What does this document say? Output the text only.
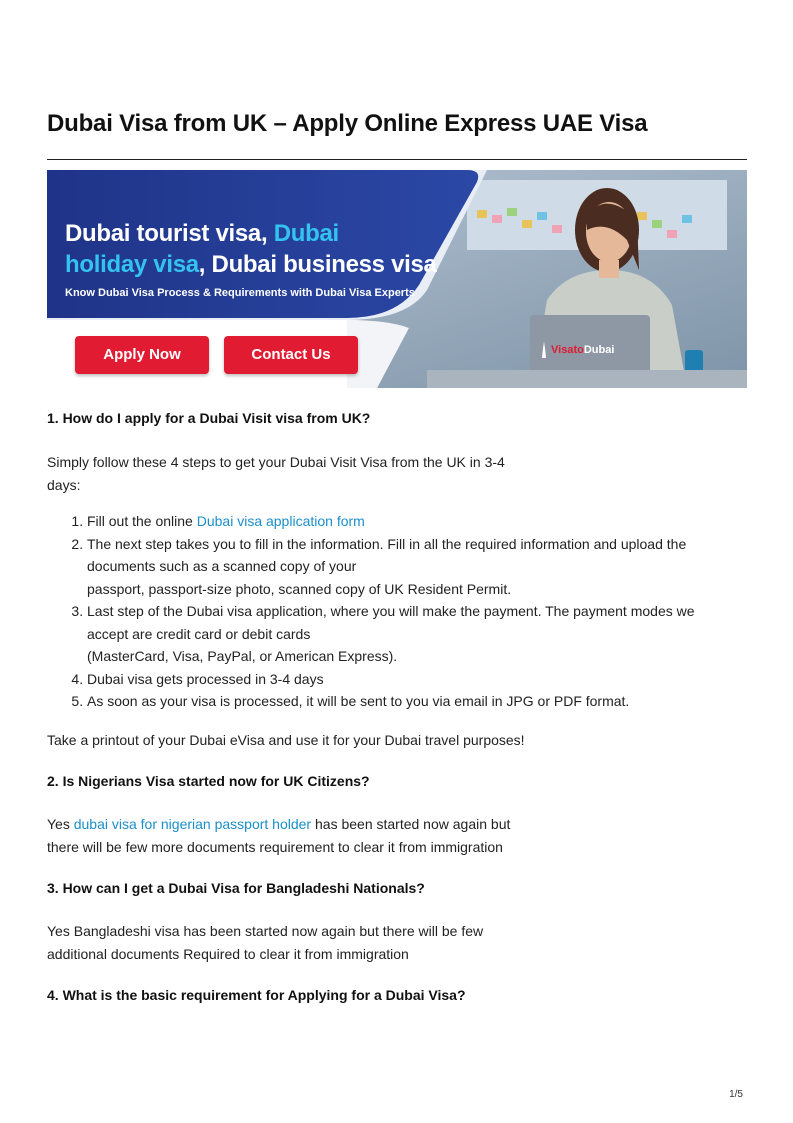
Dubai Visa from UK – Apply Online Express UAE Visa
Dubai tourist visa, Dubai
holiday visa, Dubai business visa
Know Dubai Visa Process & Requirements with Dubai Visa Experts
Apply Now	Contact Us	VisatoDubai
1. How do I apply for a Dubai Visit visa from UK?

Simply follow these 4 steps to get your Dubai Visit Visa from the UK in 3-4
days:

1. Fill out the online Dubai visa application form
2. The next step takes you to fill in the information. Fill in all the required information and upload the
documents such as a scanned copy of your
passport, passport-size photo, scanned copy of UK Resident Permit.
3. Last step of the Dubai visa application, where you will make the payment. The payment modes we
accept are credit card or debit cards
(MasterCard, Visa, PayPal, or American Express).
4. Dubai visa gets processed in 3-4 days
5. As soon as your visa is processed, it will be sent to you via email in JPG or PDF format.

Take a printout of your Dubai eVisa and use it for your Dubai travel purposes!

2. Is Nigerians Visa started now for UK Citizens?

Yes dubai visa for nigerian passport holder has been started now again but
there will be few more documents requirement to clear it from immigration

3. How can I get a Dubai Visa for Bangladeshi Nationals?

Yes Bangladeshi visa has been started now again but there will be few
additional documents Required to clear it from immigration

4. What is the basic requirement for Applying for a Dubai Visa?
1/5
